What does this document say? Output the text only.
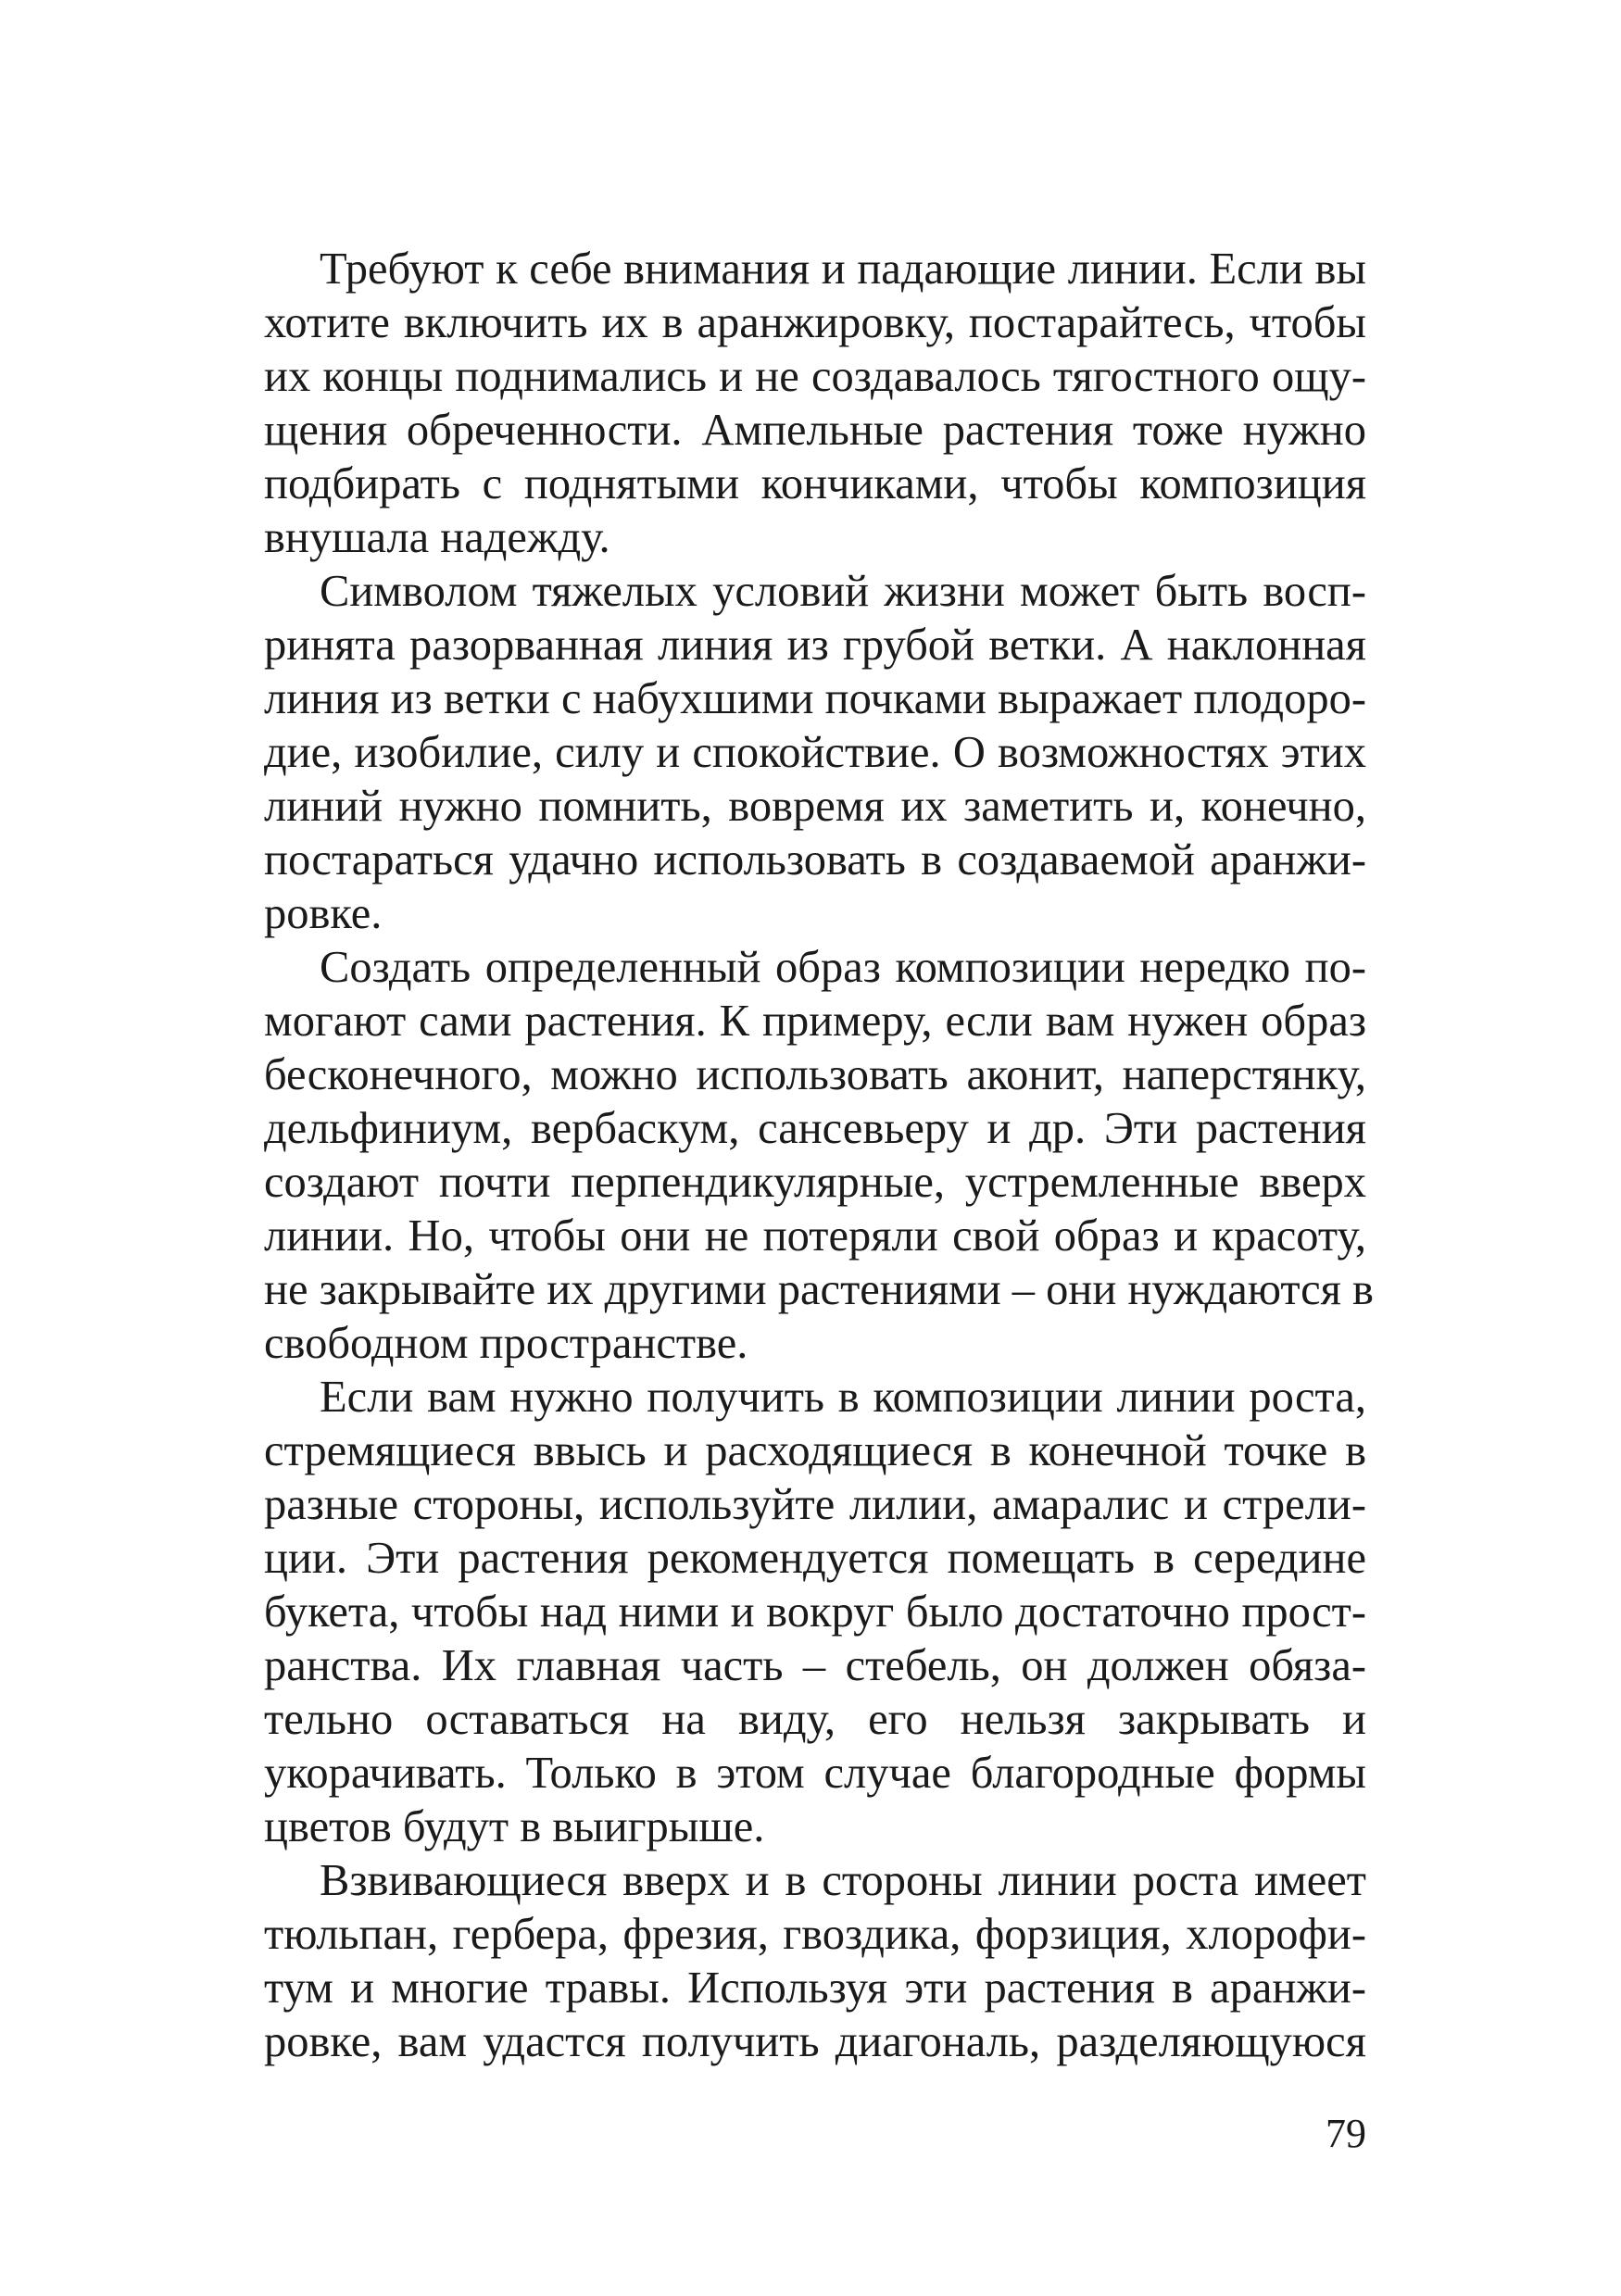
Требуют к себе внимания и падающие линии. Если вы
хотите включить их в аранжировку, постарайтесь, чтобы
их концы поднимались и не создавалось тягостного ощу-
щения обреченности. Ампельные растения тоже нужно
подбирать с поднятыми кончиками, чтобы композиция
внушала надежду.
Символом тяжелых условий жизни может быть восп-
ринята разорванная линия из грубой ветки. А наклонная
линия из ветки с набухшими почками выражает плодоро-
дие, изобилие, силу и спокойствие. О возможностях этих
линий нужно помнить, вовремя их заметить и, конечно,
постараться удачно использовать в создаваемой аранжи-
ровке.
Создать определенный образ композиции нередко по-
могают сами растения. К примеру, если вам нужен образ
бесконечного, можно использовать аконит, наперстянку,
дельфиниум, вербаскум, сансевьеру и др. Эти растения
создают почти перпендикулярные, устремленные вверх
линии. Но, чтобы они не потеряли свой образ и красоту,
не закрывайте их другими растениями – они нуждаются в
свободном пространстве.
Если вам нужно получить в композиции линии роста,
стремящиеся ввысь и расходящиеся в конечной точке в
разные стороны, используйте лилии, амаралис и стрели-
ции. Эти растения рекомендуется помещать в середине
букета, чтобы над ними и вокруг было достаточно прост-
ранства. Их главная часть – стебель, он должен обяза-
тельно оставаться на виду, его нельзя закрывать и
укорачивать. Только в этом случае благородные формы
цветов будут в выигрыше.
Взвивающиеся вверх и в стороны линии роста имеет
тюльпан, гербера, фрезия, гвоздика, форзиция, хлорофи-
тум и многие травы. Используя эти растения в аранжи-
ровке, вам удастся получить диагональ, разделяющуюся
79
